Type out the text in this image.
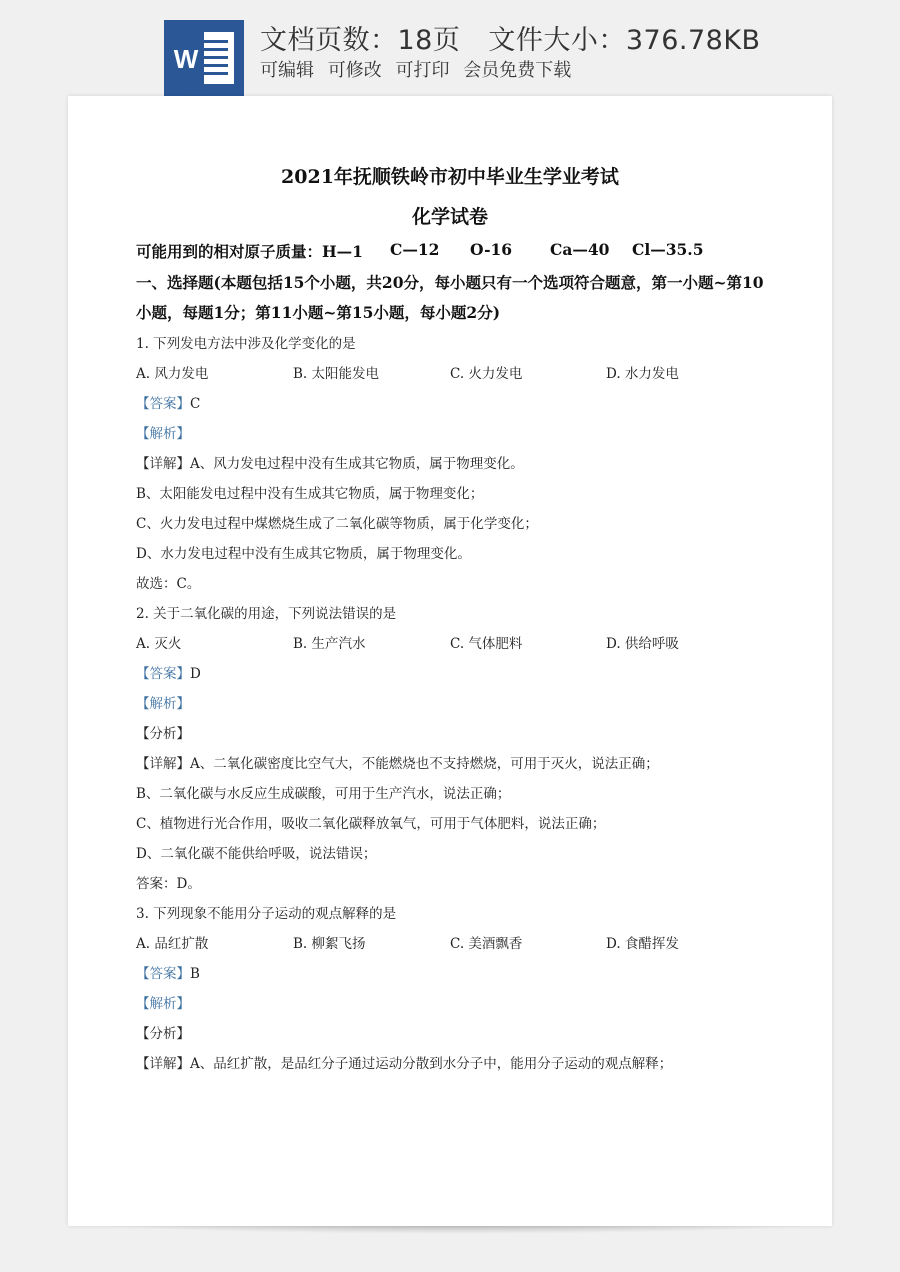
W
文档页数：18页 文件大小：376.78KB
可编辑 可修改 可打印 会员免费下载
2021年抚顺铁岭市初中毕业生学业考试
化学试卷
可能用到的相对原子质量：H—1 C—12 O-16 Ca—40 Cl—35.5
一、选择题(本题包括15个小题，共20分，每小题只有一个选项符合题意，第一小题~第10
小题，每题1分；第11小题~第15小题，每小题2分)
1. 下列发电方法中涉及化学变化的是
A. 风力发电	B. 太阳能发电	C. 火力发电	D. 水力发电
【答案】C
【解析】
【详解】A、风力发电过程中没有生成其它物质，属于物理变化。
B、太阳能发电过程中没有生成其它物质，属于物理变化；
C、火力发电过程中煤燃烧生成了二氧化碳等物质，属于化学变化；
D、水力发电过程中没有生成其它物质，属于物理变化。
故选：C。
2. 关于二氧化碳的用途，下列说法错误的是
A. 灭火	B. 生产汽水	C. 气体肥料	D. 供给呼吸
【答案】D
【解析】
【分析】
【详解】A、二氧化碳密度比空气大，不能燃烧也不支持燃烧，可用于灭火，说法正确；
B、二氧化碳与水反应生成碳酸，可用于生产汽水，说法正确；
C、植物进行光合作用，吸收二氧化碳释放氧气，可用于气体肥料，说法正确；
D、二氧化碳不能供给呼吸，说法错误；
答案：D。
3. 下列现象不能用分子运动的观点解释的是
A. 品红扩散	B. 柳絮飞扬	C. 美酒飘香	D. 食醋挥发
【答案】B
【解析】
【分析】
【详解】A、品红扩散，是品红分子通过运动分散到水分子中，能用分子运动的观点解释；
